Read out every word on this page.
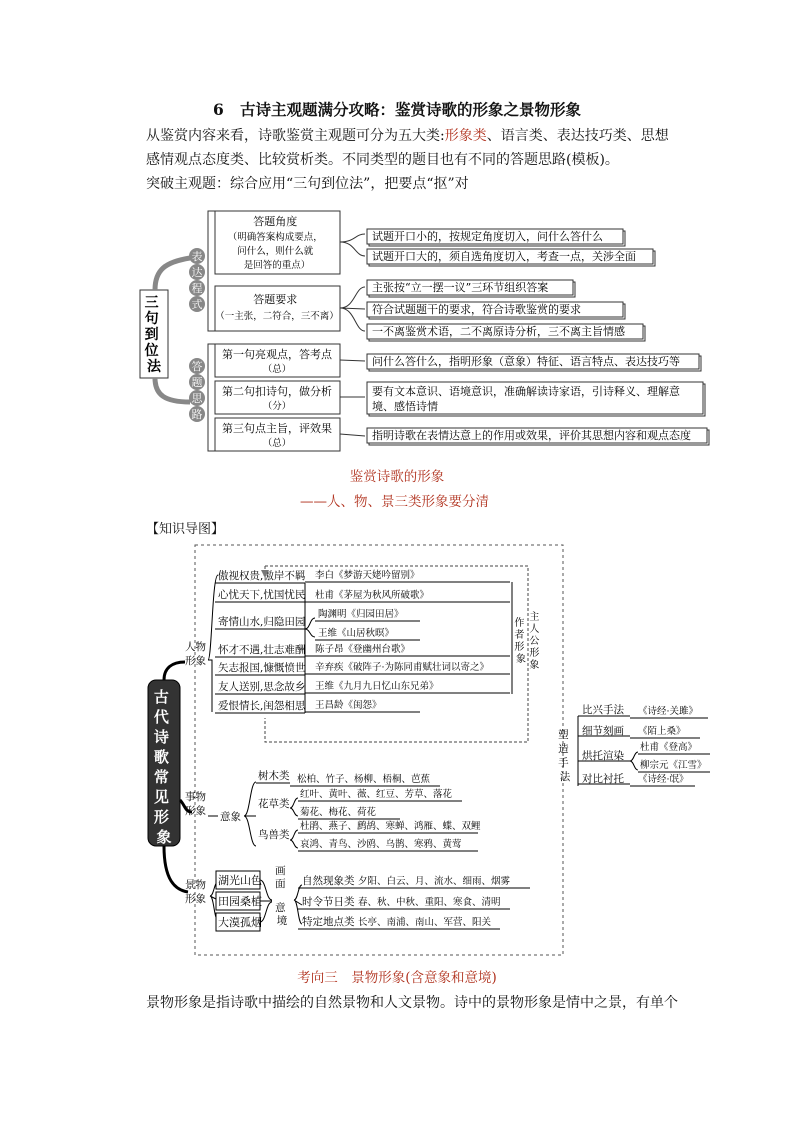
6 古诗主观题满分攻略：鉴赏诗歌的形象之景物形象
从鉴赏内容来看，诗歌鉴赏主观题可分为五大类:形象类、语言类、表达技巧类、思想
感情观点态度类、比较赏析类。不同类型的题目也有不同的答题思路(模板)。
突破主观题：综合应用“三句到位法”，把要点“抠”对
三 句 到 位 法
表
达
程
式
答
题
思
路
答题角度 （明确答案构成要点， 问什么，则什么就 是回答的重点）
答题要求 （一主张，二符合，三不离）
第一句亮观点，答考点（总）
第二句扣诗句，做分析（分）
第三句点主旨，评效果（总）
试题开口小的，按规定角度切入，问什么答什么
试题开口大的，须自选角度切入，考查一点，关涉全面
主张按“立一摆一议”三环节组织答案
符合试题题干的要求，符合诗歌鉴赏的要求
一不离鉴赏术语，二不离原诗分析，三不离主旨情感
问什么答什么，指明形象（意象）特征、语言特点、表达技巧等
要有文本意识、语境意识，准确解读诗家语，引诗释义、理解意
境、感悟诗情
指明诗歌在表情达意上的作用或效果，评价其思想内容和观点态度
鉴赏诗歌的形象
——人、物、景三类形象要分清
【知识导图】
古 代 诗 歌 常 见 形 象
人物形象
傲视权贵,傲岸不羁 李白《梦游天姥吟留别》
心忧天下,忧国忧民 杜甫《茅屋为秋风所破歌》
寄情山水,归隐田园
陶渊明《归园田居》
王维《山居秋暝》
怀才不遇,壮志难酬 陈子昂《登幽州台歌》
矢志报国,慷慨愤世 辛弃疾《破阵子·为陈同甫赋壮词以寄之》
友人送别,思念故乡 王维《九月九日忆山东兄弟》
爱恨情长,闺怨相思 王昌龄《闺怨》
主 人 公 形 象 作 者 形 象
塑 造 手 法
比兴手法 《诗经·关雎》
细节刻画 《陌上桑》
烘托渲染
杜甫《登高》
柳宗元《江雪》
对比衬托 《诗经·氓》
事物形象 意象
树木类 松柏、竹子、杨柳、梧桐、芭蕉
花草类
红叶、黄叶、薇、红豆、芳草、落花
菊花、梅花、荷花
鸟兽类
杜鹃、燕子、鹧鸪、寒蝉、鸿雁、蝶、双鲤
哀鸿、青鸟、沙鸥、乌鹊、寒鸦、黄莺
景物形象
湖光山色
田园桑植
大漠孤烟
画 面 意 境
自然现象类 夕阳、白云、月、流水、细雨、烟雾
时令节日类 春、秋、中秋、重阳、寒食、清明
特定地点类 长亭、南浦、南山、军营、阳关
考向三　景物形象(含意象和意境)
景物形象是指诗歌中描绘的自然景物和人文景物。诗中的景物形象是情中之景，有单个
